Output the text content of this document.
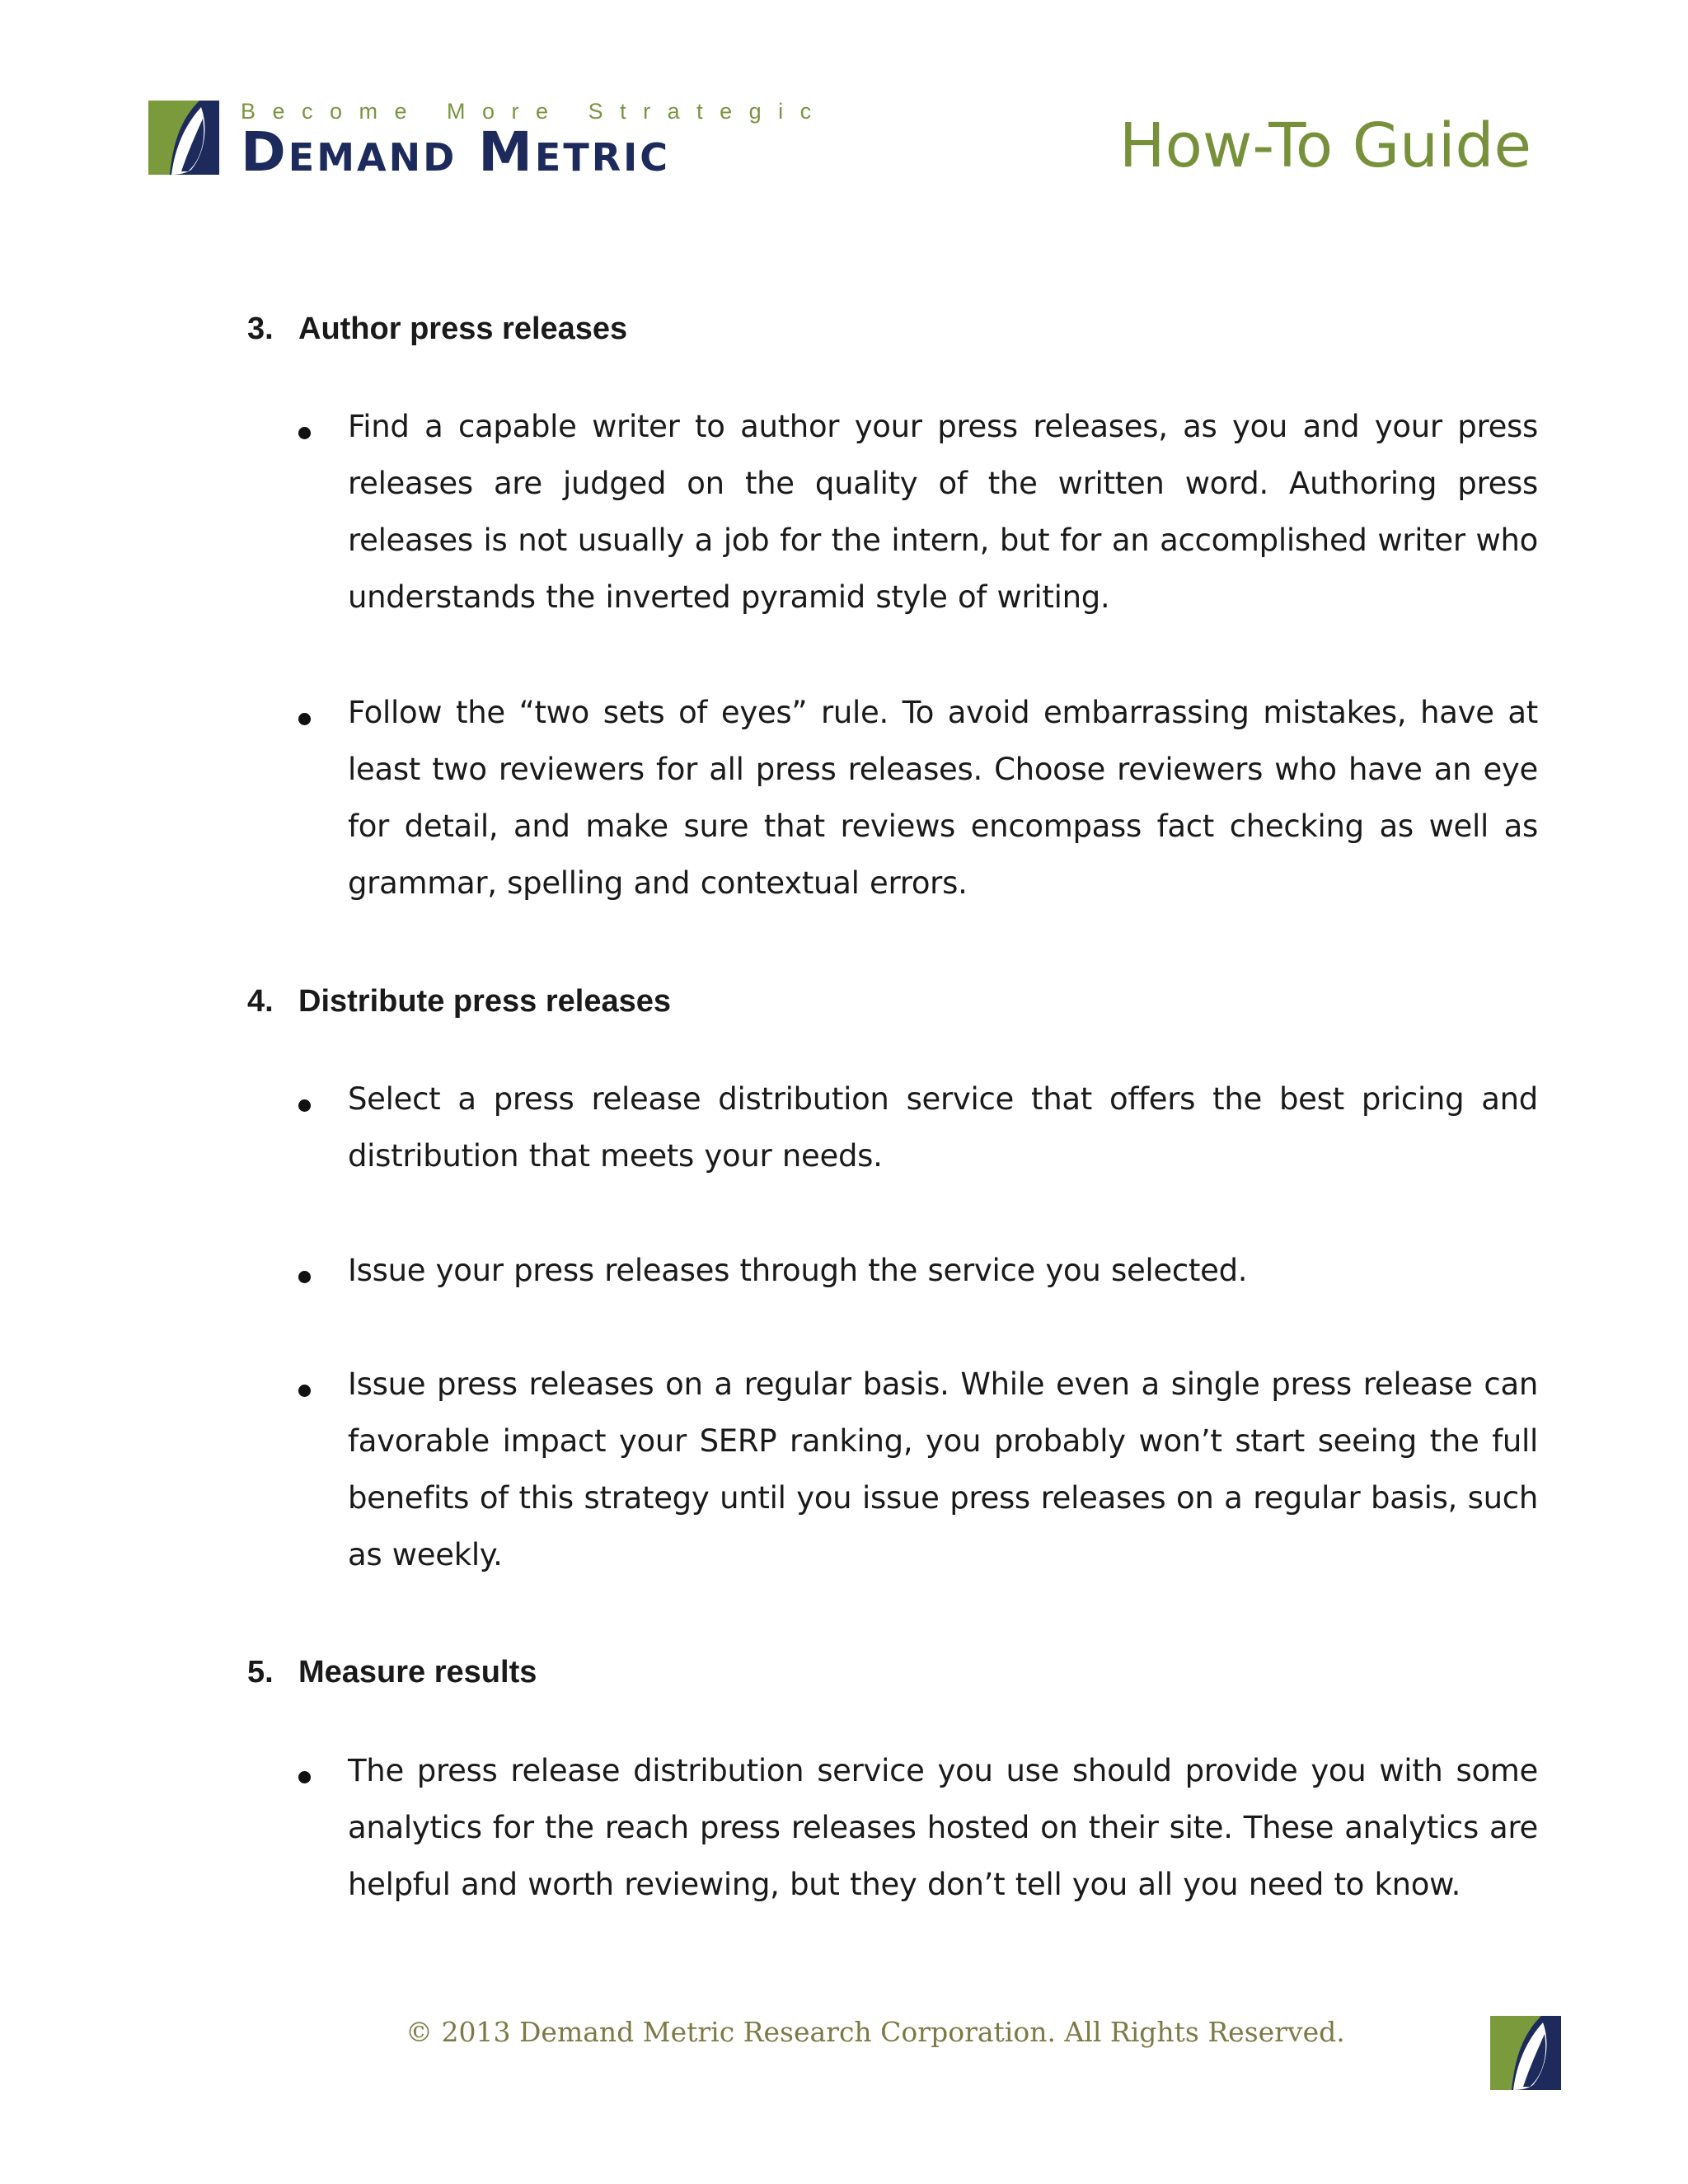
Become More Strategic
Demand Metric	How-To Guide
3. Author press releases
Find a capable writer to author your press releases, as you and your press releases are judged on the quality of the written word. Authoring press releases is not usually a job for the intern, but for an accomplished writer who understands the inverted pyramid style of writing.
Follow the “two sets of eyes” rule. To avoid embarrassing mistakes, have at least two reviewers for all press releases. Choose reviewers who have an eye for detail, and make sure that reviews encompass fact checking as well as grammar, spelling and contextual errors.
4. Distribute press releases
Select a press release distribution service that offers the best pricing and distribution that meets your needs.
Issue your press releases through the service you selected.
Issue press releases on a regular basis. While even a single press release can favorable impact your SERP ranking, you probably won’t start seeing the full benefits of this strategy until you issue press releases on a regular basis, such as weekly.
5. Measure results
The press release distribution service you use should provide you with some analytics for the reach press releases hosted on their site. These analytics are helpful and worth reviewing, but they don’t tell you all you need to know.
© 2013 Demand Metric Research Corporation. All Rights Reserved.
